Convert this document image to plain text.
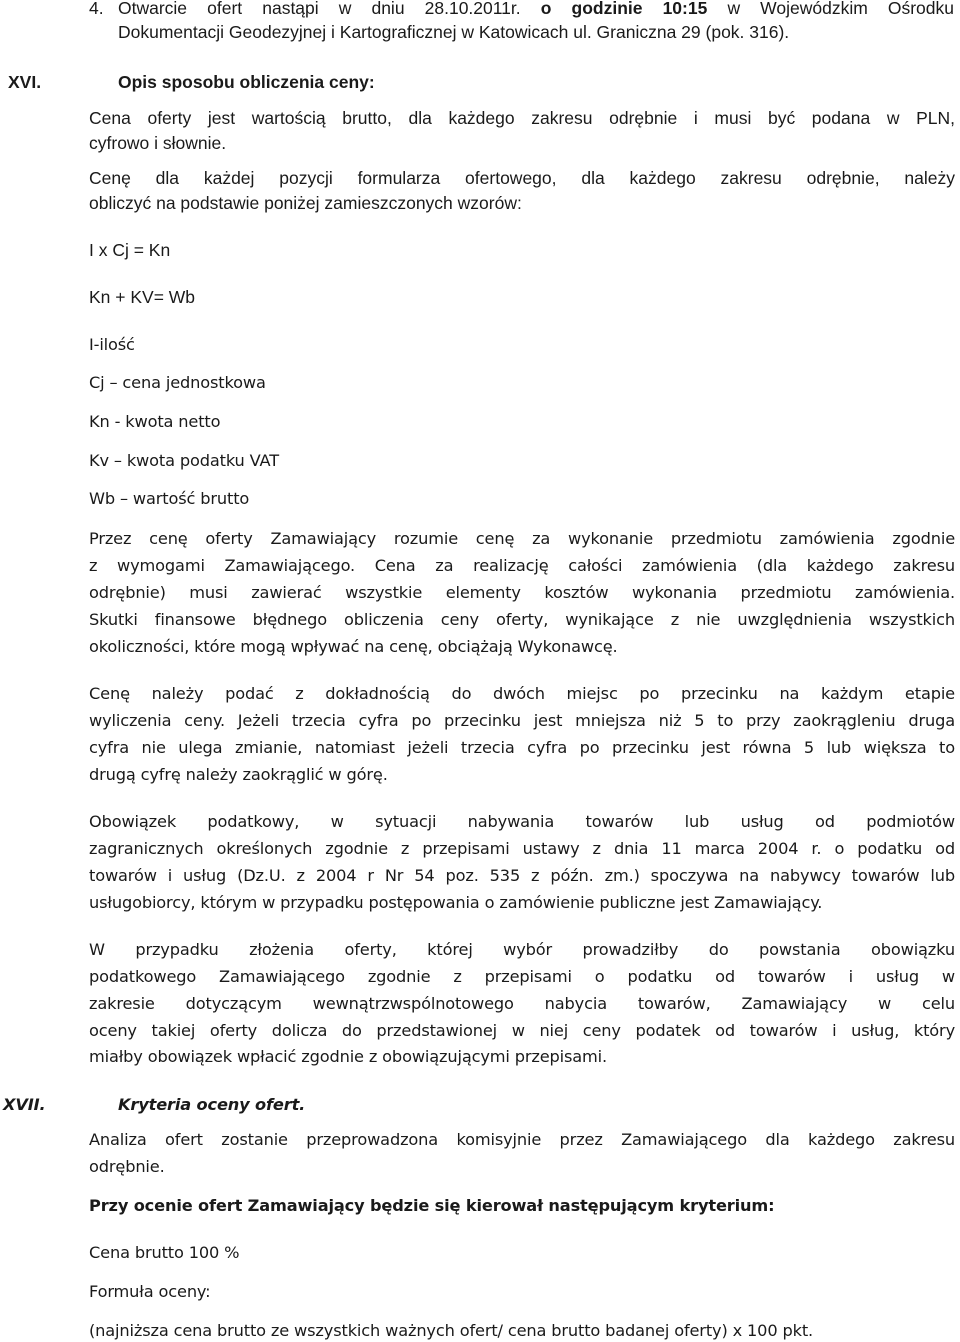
4. Otwarcie ofert nastąpi w dniu 28.10.2011r. o godzinie 10:15 w Wojewódzkim Ośrodku
Dokumentacji Geodezyjnej i Kartograficznej w Katowicach ul. Graniczna 29 (pok. 316).
XVI.	Opis sposobu obliczenia ceny:
Cena oferty jest wartością brutto, dla każdego zakresu odrębnie i musi być podana w PLN,
cyfrowo i słownie.
Cenę dla każdej pozycji formularza ofertowego, dla każdego zakresu odrębnie, należy
obliczyć na podstawie poniżej zamieszczonych wzorów:
I x Cj = Kn
Kn + KV= Wb
I-ilość
Cj – cena jednostkowa
Kn - kwota netto
Kv – kwota podatku VAT
Wb – wartość brutto
Przez cenę oferty Zamawiający rozumie cenę za wykonanie przedmiotu zamówienia zgodnie
z wymogami Zamawiającego. Cena za realizację całości zamówienia (dla każdego zakresu
odrębnie) musi zawierać wszystkie elementy kosztów wykonania przedmiotu zamówienia.
Skutki finansowe błędnego obliczenia ceny oferty, wynikające z nie uwzględnienia wszystkich
okoliczności, które mogą wpływać na cenę, obciążają Wykonawcę.
Cenę należy podać z dokładnością do dwóch miejsc po przecinku na każdym etapie
wyliczenia ceny. Jeżeli trzecia cyfra po przecinku jest mniejsza niż 5 to przy zaokrągleniu druga
cyfra nie ulega zmianie, natomiast jeżeli trzecia cyfra po przecinku jest równa 5 lub większa to
drugą cyfrę należy zaokrąglić w górę.
Obowiązek podatkowy, w sytuacji nabywania towarów lub usług od podmiotów
zagranicznych określonych zgodnie z przepisami ustawy z dnia 11 marca 2004 r. o podatku od
towarów i usług (Dz.U. z 2004 r Nr 54 poz. 535 z późn. zm.) spoczywa na nabywcy towarów lub
usługobiorcy, którym w przypadku postępowania o zamówienie publiczne jest Zamawiający.
W przypadku złożenia oferty, której wybór prowadziłby do powstania obowiązku
podatkowego Zamawiającego zgodnie z przepisami o podatku od towarów i usług w
zakresie dotyczącym wewnątrzwspólnotowego nabycia towarów, Zamawiający w celu
oceny takiej oferty dolicza do przedstawionej w niej ceny podatek od towarów i usług, który
miałby obowiązek wpłacić zgodnie z obowiązującymi przepisami.
XVII.	Kryteria oceny ofert.
Analiza ofert zostanie przeprowadzona komisyjnie przez Zamawiającego dla każdego zakresu
odrębnie.
Przy ocenie ofert Zamawiający będzie się kierował następującym kryterium:
Cena brutto 100 %
Formuła oceny:
(najniższa cena brutto ze wszystkich ważnych ofert/ cena brutto badanej oferty) x 100 pkt.
